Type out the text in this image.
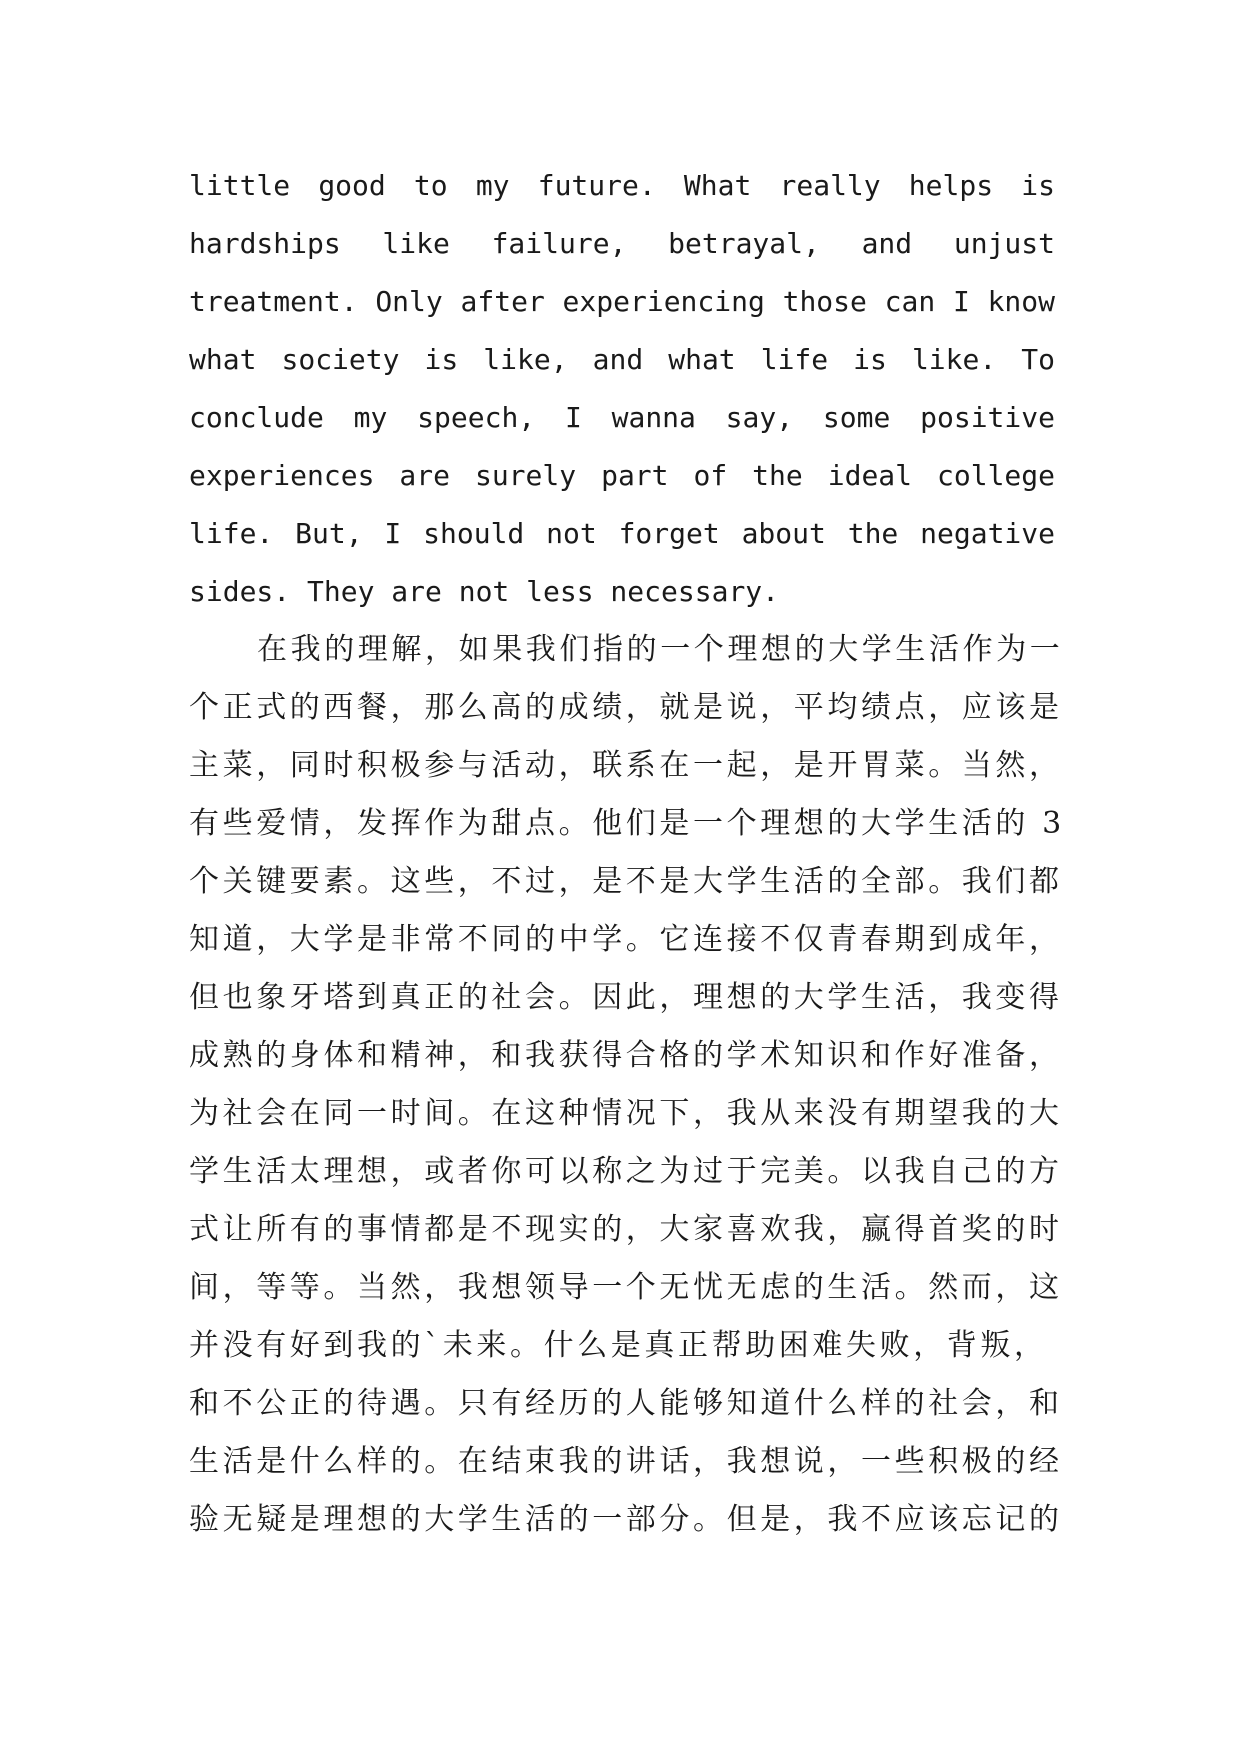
little good to my future. What really helps is
hardships like failure, betrayal, and unjust
treatment. Only after experiencing those can I know
what society is like, and what life is like. To
conclude my speech, I wanna say, some positive
experiences are surely part of the ideal college
life. But, I should not forget about the negative
sides. They are not less necessary.
在我的理解，如果我们指的一个理想的大学生活作为一
个正式的西餐，那么高的成绩，就是说，平均绩点，应该是
主菜，同时积极参与活动，联系在一起，是开胃菜。当然，
有些爱情，发挥作为甜点。他们是一个理想的大学生活的 3
个关键要素。这些，不过，是不是大学生活的全部。我们都
知道，大学是非常不同的中学。它连接不仅青春期到成年，
但也象牙塔到真正的社会。因此，理想的大学生活，我变得
成熟的身体和精神，和我获得合格的学术知识和作好准备，
为社会在同一时间。在这种情况下，我从来没有期望我的大
学生活太理想，或者你可以称之为过于完美。以我自己的方
式让所有的事情都是不现实的，大家喜欢我，赢得首奖的时
间，等等。当然，我想领导一个无忧无虑的生活。然而，这
并没有好到我的`未来。什么是真正帮助困难失败，背叛，
和不公正的待遇。只有经历的人能够知道什么样的社会，和
生活是什么样的。在结束我的讲话，我想说，一些积极的经
验无疑是理想的大学生活的一部分。但是，我不应该忘记的
